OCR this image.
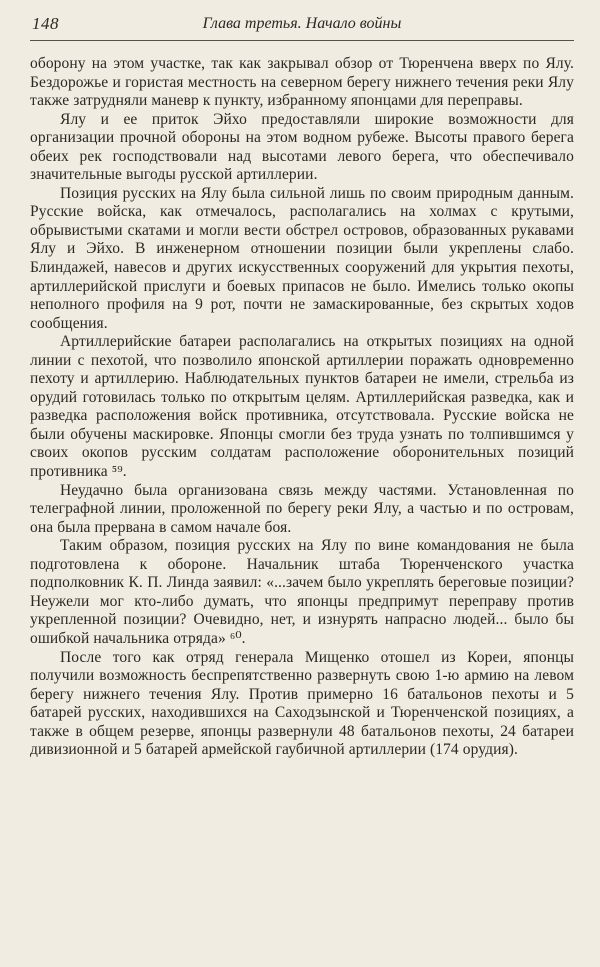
148	Глава третья. Начало войны

оборону на этом участке, так как закрывал обзор от Тюренчена вверх по Ялу. Бездорожье и гористая местность на северном берегу нижнего течения реки Ялу также затрудняли маневр к пункту, избранному японцами для переправы.

Ялу и ее приток Эйхо предоставляли широкие возможности для организации прочной обороны на этом водном рубеже. Высоты правого берега обеих рек господствовали над высотами левого берега, что обеспечивало значительные выгоды русской артиллерии.

Позиция русских на Ялу была сильной лишь по своим природным данным. Русские войска, как отмечалось, располагались на холмах с крутыми, обрывистыми скатами и могли вести обстрел островов, образованных рукавами Ялу и Эйхо. В инженерном отношении позиции были укреплены слабо. Блиндажей, навесов и других искусственных сооружений для укрытия пехоты, артиллерийской прислуги и боевых припасов не было. Имелись только окопы неполного профиля на 9 рот, почти не замаскированные, без скрытых ходов сообщения.

Артиллерийские батареи располагались на открытых позициях на одной линии с пехотой, что позволило японской артиллерии поражать одновременно пехоту и артиллерию. Наблюдательных пунктов батареи не имели, стрельба из орудий готовилась только по открытым целям. Артиллерийская разведка, как и разведка расположения войск противника, отсутствовала. Русские войска не были обучены маскировке. Японцы смогли без труда узнать по толпившимся у своих окопов русским солдатам расположение оборонительных позиций противника ⁵⁹.

Неудачно была организована связь между частями. Установленная по телеграфной линии, проложенной по берегу реки Ялу, а частью и по островам, она была прервана в самом начале боя.

Таким образом, позиция русских на Ялу по вине командования не была подготовлена к обороне. Начальник штаба Тюренченского участка подполковник К. П. Линда заявил: «...зачем было укреплять береговые позиции? Неужели мог кто-либо думать, что японцы предпримут переправу против укрепленной позиции? Очевидно, нет, и изнурять напрасно людей... было бы ошибкой начальника отряда» ⁶⁰.

После того как отряд генерала Мищенко отошел из Кореи, японцы получили возможность беспрепятственно развернуть свою 1-ю армию на левом берегу нижнего течения Ялу. Против примерно 16 батальонов пехоты и 5 батарей русских, находившихся на Саходзынской и Тюренченской позициях, а также в общем резерве, японцы развернули 48 батальонов пехоты, 24 батареи дивизионной и 5 батарей армейской гаубичной артиллерии (174 орудия).
